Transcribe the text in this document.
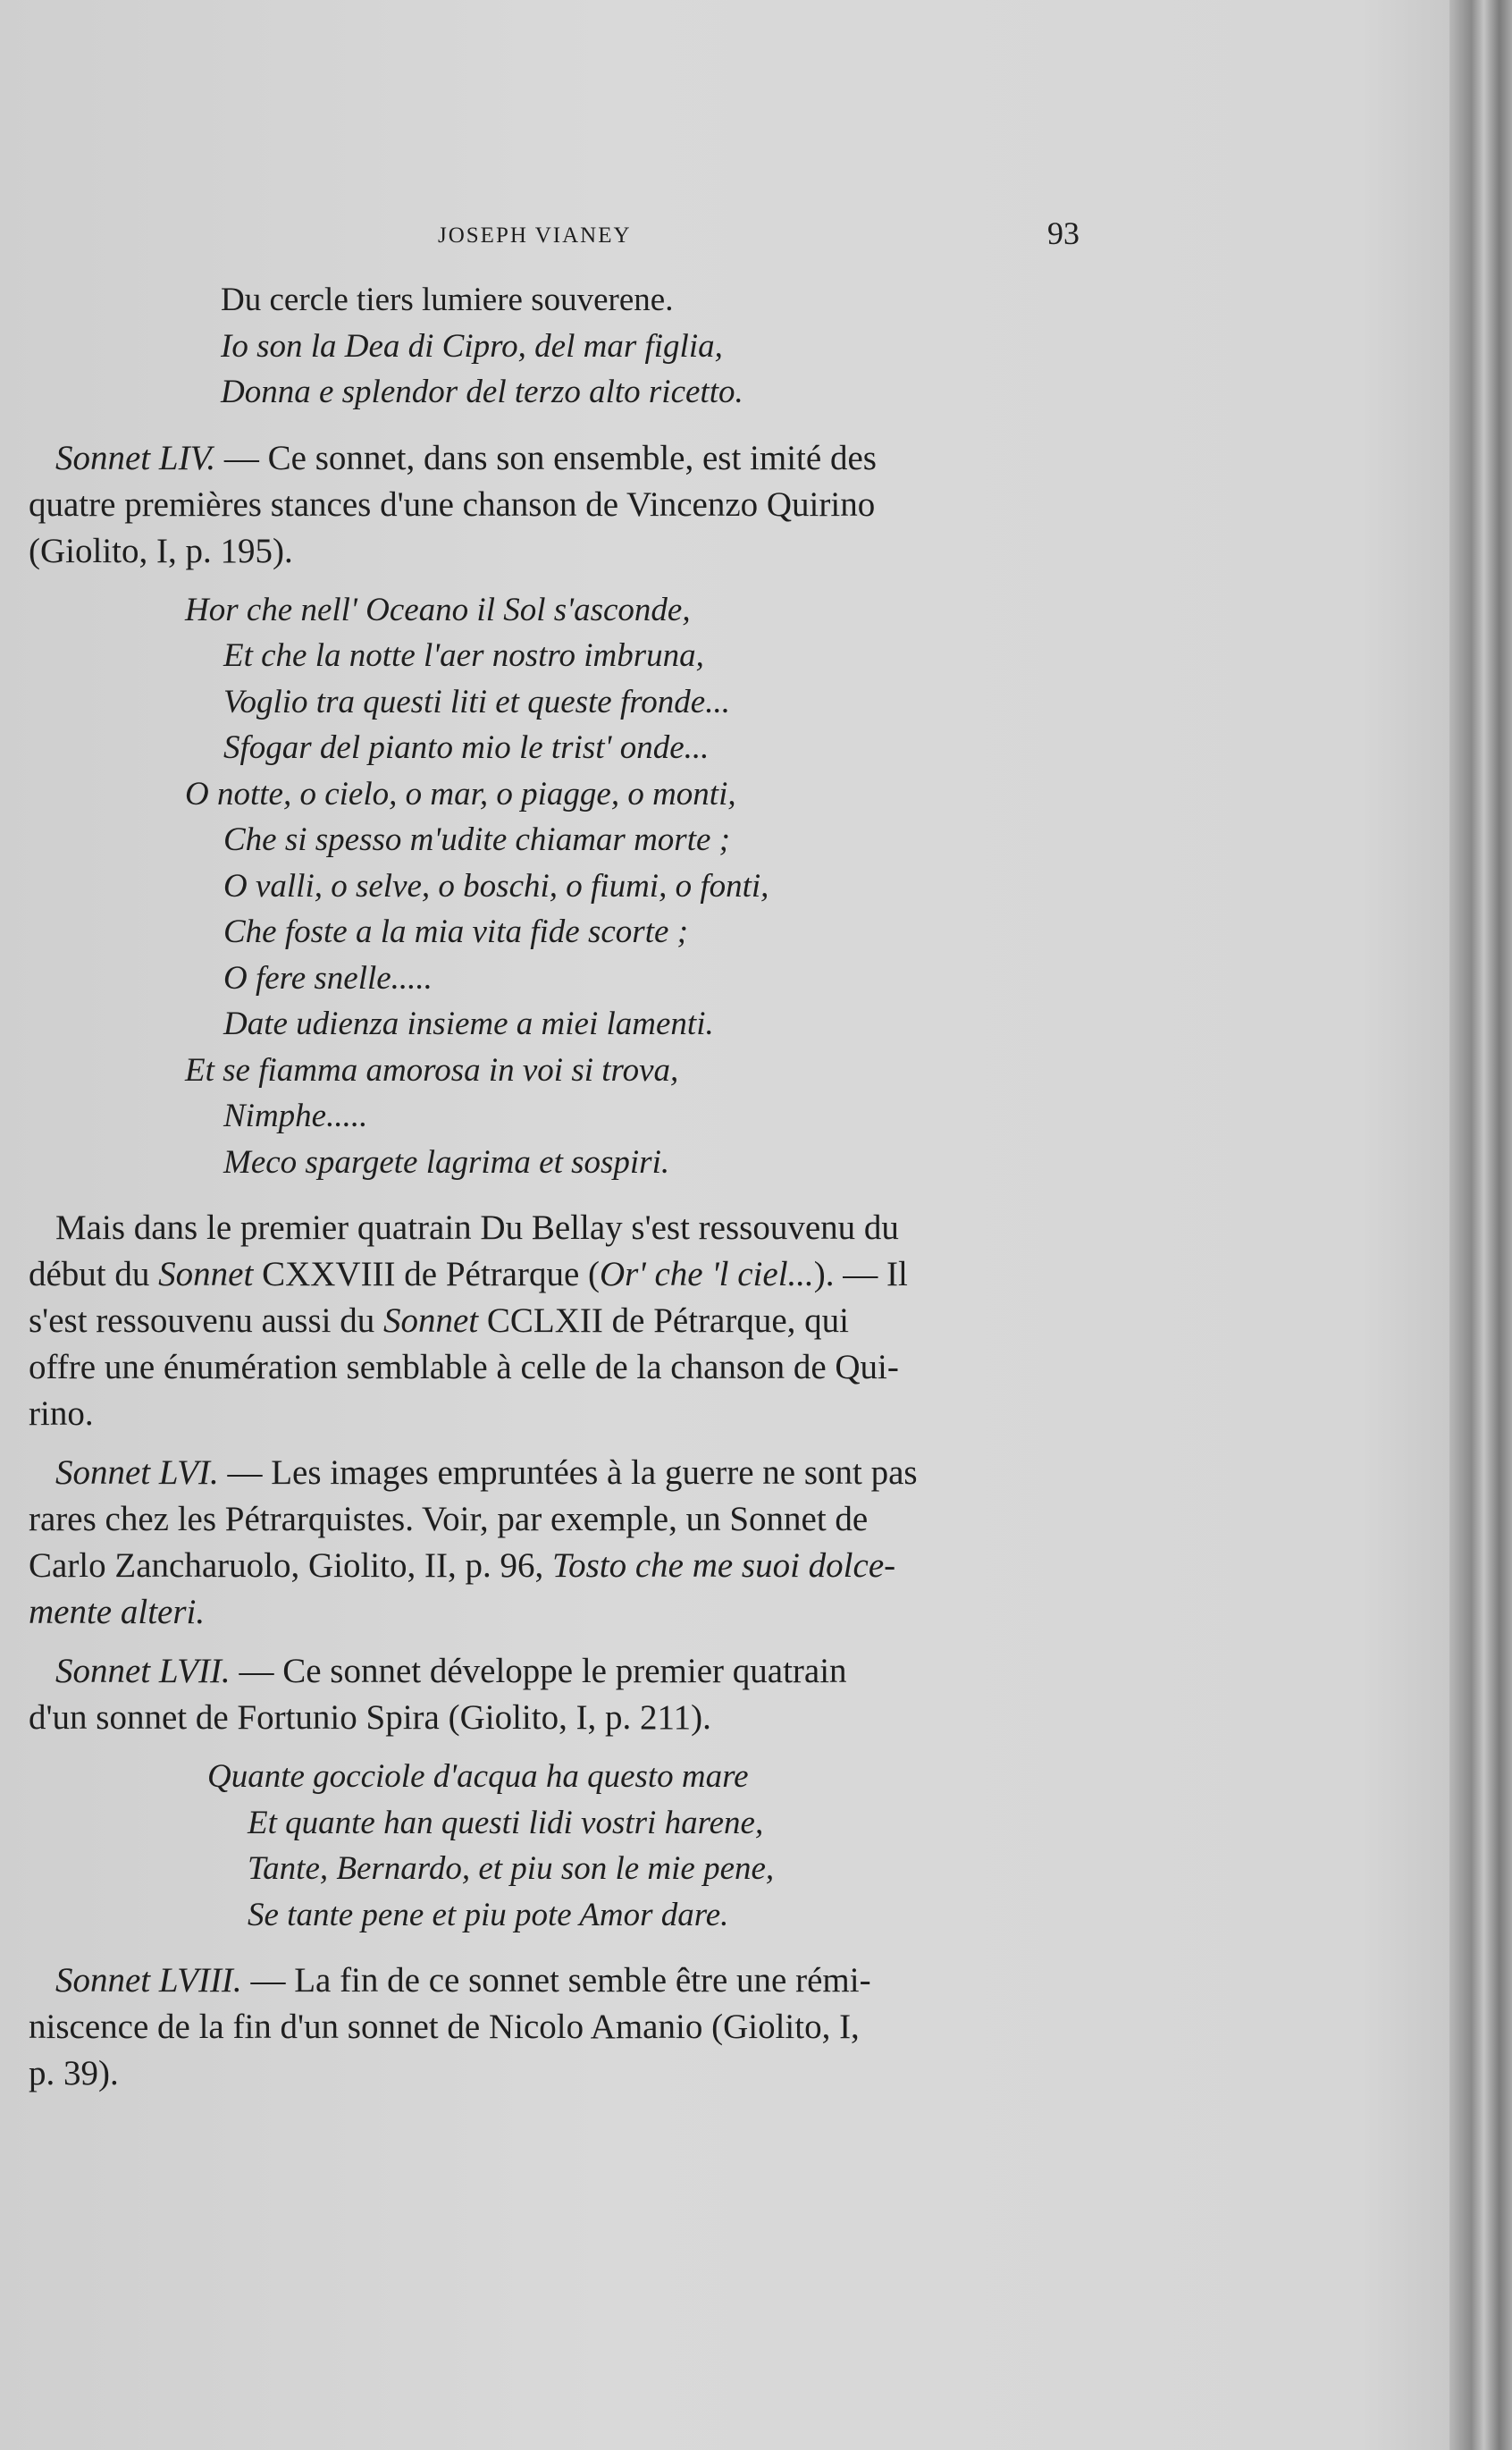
JOSEPH VIANEY	93
Du cercle tiers lumiere souverene.
Io son la Dea di Cipro, del mar figlia,
Donna e splendor del terzo alto ricetto.
Sonnet LIV. — Ce sonnet, dans son ensemble, est imité des
quatre premières stances d'une chanson de Vincenzo Quirino
(Giolito, I, p. 195).
Hor che nell' Oceano il Sol s'asconde,
Et che la notte l'aer nostro imbruna,
Voglio tra questi liti et queste fronde...
Sfogar del pianto mio le trist' onde...
O notte, o cielo, o mar, o piagge, o monti,
Che si spesso m'udite chiamar morte ;
O valli, o selve, o boschi, o fiumi, o fonti,
Che foste a la mia vita fide scorte ;
O fere snelle.....
Date udienza insieme a miei lamenti.
Et se fiamma amorosa in voi si trova,
Nimphe.....
Meco spargete lagrima et sospiri.
Mais dans le premier quatrain Du Bellay s'est ressouvenu du
début du Sonnet CXXVIII de Pétrarque (Or' che 'l ciel...). — Il
s'est ressouvenu aussi du Sonnet CCLXII de Pétrarque, qui
offre une énumération semblable à celle de la chanson de Qui-
rino.
Sonnet LVI. — Les images empruntées à la guerre ne sont pas
rares chez les Pétrarquistes. Voir, par exemple, un Sonnet de
Carlo Zancharuolo, Giolito, II, p. 96, Tosto che me suoi dolce-
mente alteri.
Sonnet LVII. — Ce sonnet développe le premier quatrain
d'un sonnet de Fortunio Spira (Giolito, I, p. 211).
Quante gocciole d'acqua ha questo mare
Et quante han questi lidi vostri harene,
Tante, Bernardo, et piu son le mie pene,
Se tante pene et piu pote Amor dare.
Sonnet LVIII. — La fin de ce sonnet semble être une rémi-
niscence de la fin d'un sonnet de Nicolo Amanio (Giolito, I,
p. 39).
